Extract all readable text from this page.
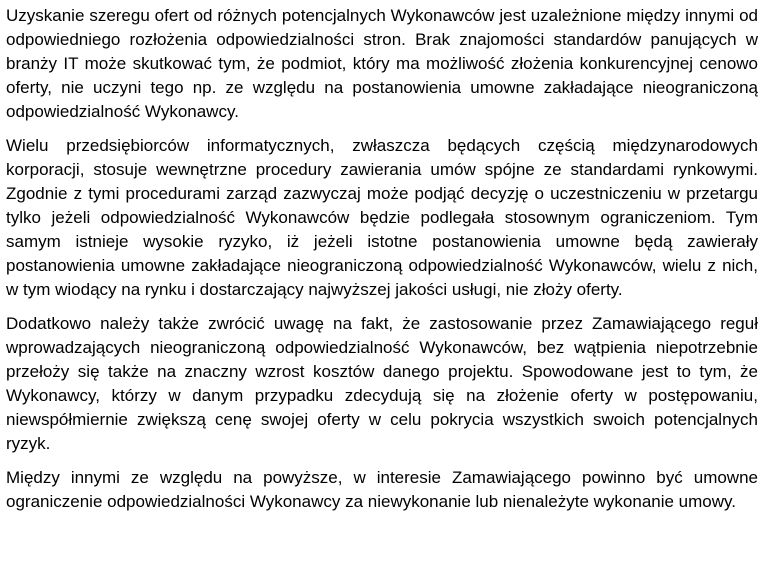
Uzyskanie szeregu ofert od różnych potencjalnych Wykonawców jest uzależnione między innymi od odpowiedniego rozłożenia odpowiedzialności stron. Brak znajomości standardów panujących w branży IT może skutkować tym, że podmiot, który ma możliwość złożenia konkurencyjnej cenowo oferty, nie uczyni tego np. ze względu na postanowienia umowne zakładające nieograniczoną odpowiedzialność Wykonawcy.

Wielu przedsiębiorców informatycznych, zwłaszcza będących częścią międzynarodowych korporacji, stosuje wewnętrzne procedury zawierania umów spójne ze standardami rynkowymi. Zgodnie z tymi procedurami zarząd zazwyczaj może podjąć decyzję o uczestniczeniu w przetargu tylko jeżeli odpowiedzialność Wykonawców będzie podlegała stosownym ograniczeniom. Tym samym istnieje wysokie ryzyko, iż jeżeli istotne postanowienia umowne będą zawierały postanowienia umowne zakładające nieograniczoną odpowiedzialność Wykonawców, wielu z nich, w tym wiodący na rynku i dostarczający najwyższej jakości usługi, nie złoży oferty.

Dodatkowo należy także zwrócić uwagę na fakt, że zastosowanie przez Zamawiającego reguł wprowadzających nieograniczoną odpowiedzialność Wykonawców, bez wątpienia niepotrzebnie przełoży się także na znaczny wzrost kosztów danego projektu. Spowodowane jest to tym, że Wykonawcy, którzy w danym przypadku zdecydują się na złożenie oferty w postępowaniu, niewspółmiernie zwiększą cenę swojej oferty w celu pokrycia wszystkich swoich potencjalnych ryzyk.

Między innymi ze względu na powyższe, w interesie Zamawiającego powinno być umowne ograniczenie odpowiedzialności Wykonawcy za niewykonanie lub nienależyte wykonanie umowy.
